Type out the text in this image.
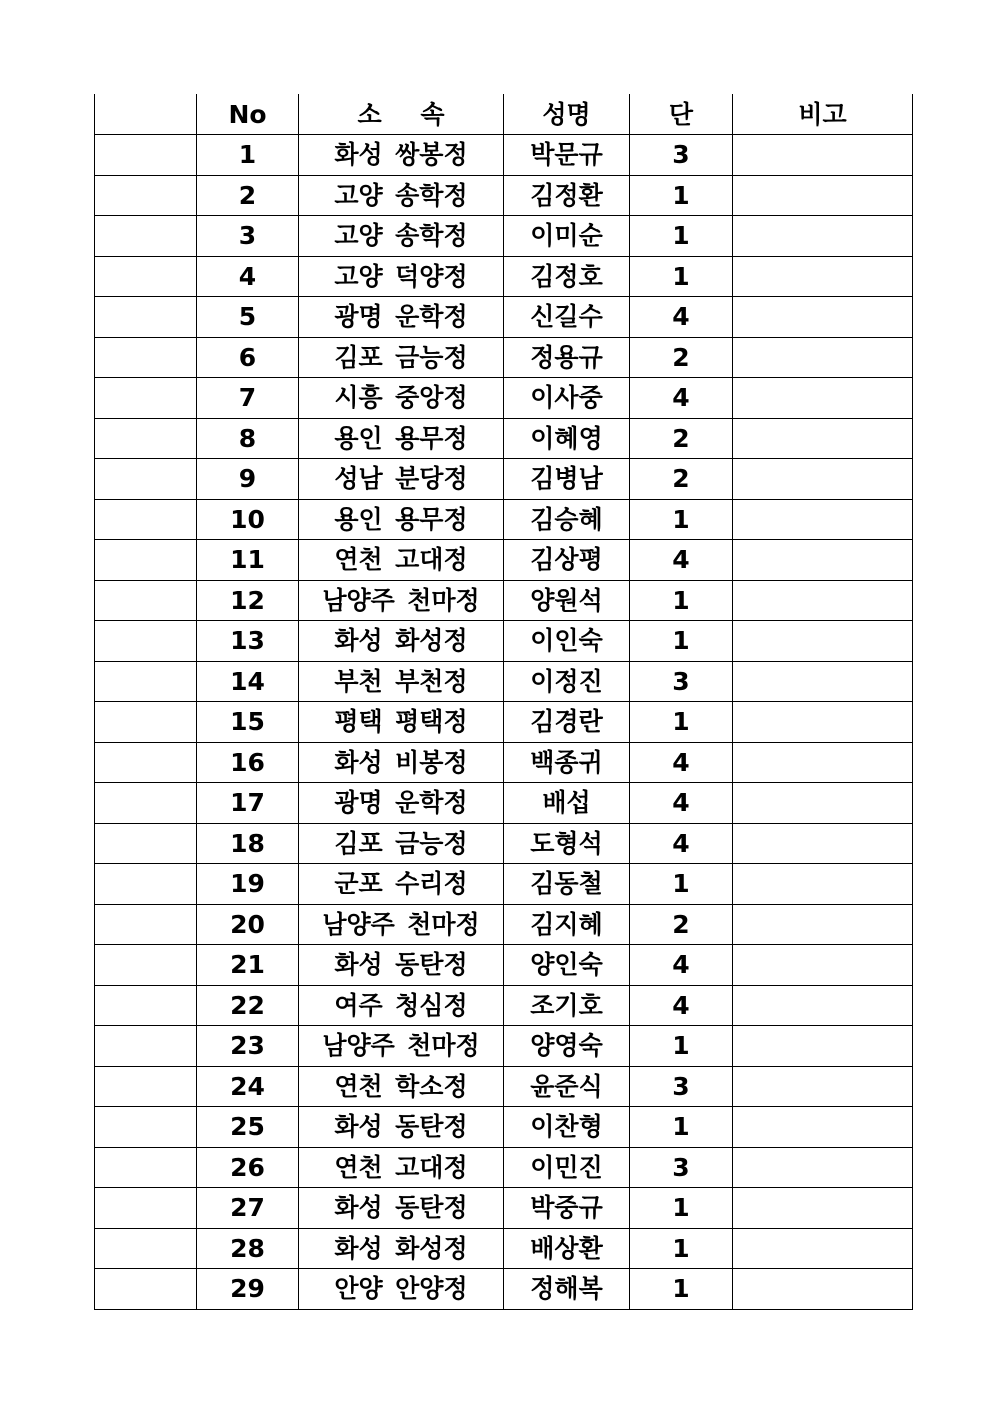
	No	소 속	성명	단	비고
	1	화성 쌍봉정	박문규	3	
	2	고양 송학정	김정환	1	
	3	고양 송학정	이미순	1	
	4	고양 덕양정	김정호	1	
	5	광명 운학정	신길수	4	
	6	김포 금능정	정용규	2	
	7	시흥 중앙정	이사중	4	
	8	용인 용무정	이혜영	2	
	9	성남 분당정	김병남	2	
	10	용인 용무정	김승혜	1	
	11	연천 고대정	김상평	4	
	12	남양주 천마정	양원석	1	
	13	화성 화성정	이인숙	1	
	14	부천 부천정	이정진	3	
	15	평택 평택정	김경란	1	
	16	화성 비봉정	백종귀	4	
	17	광명 운학정	배섭	4	
	18	김포 금능정	도형석	4	
	19	군포 수리정	김동철	1	
	20	남양주 천마정	김지혜	2	
	21	화성 동탄정	양인숙	4	
	22	여주 청심정	조기호	4	
	23	남양주 천마정	양영숙	1	
	24	연천 학소정	윤준식	3	
	25	화성 동탄정	이찬형	1	
	26	연천 고대정	이민진	3	
	27	화성 동탄정	박중규	1	
	28	화성 화성정	배상환	1	
	29	안양 안양정	정해복	1	
